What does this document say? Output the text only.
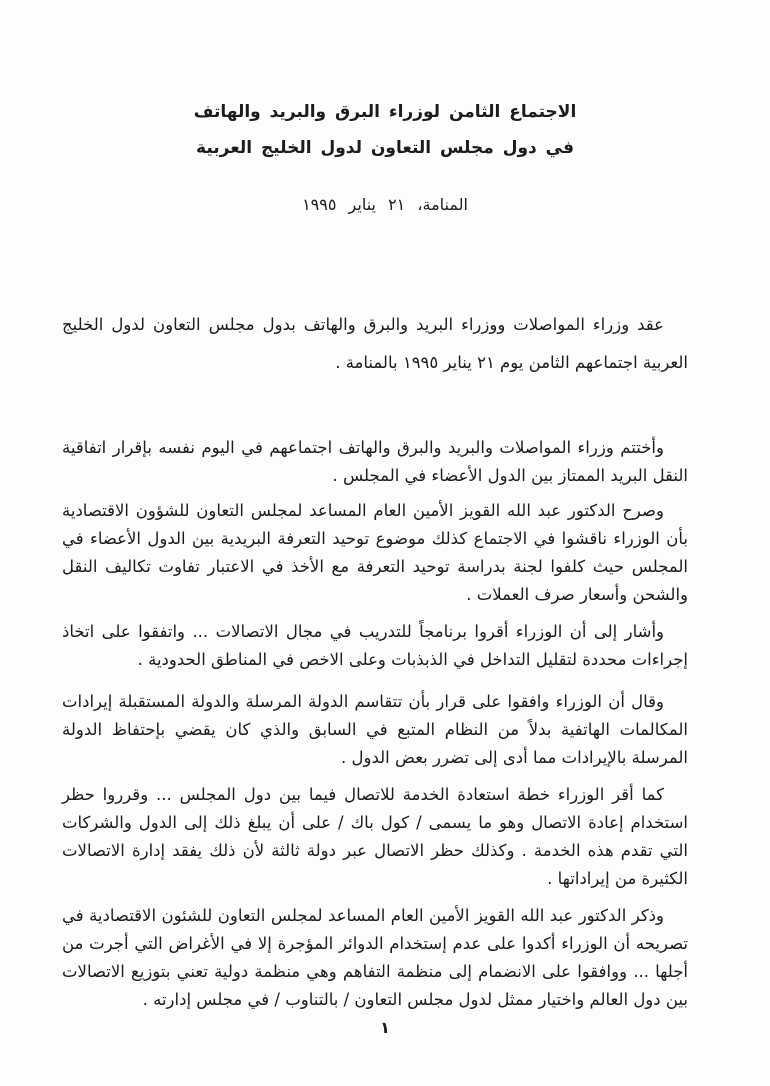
الاجتماع الثامن لوزراء البرق والبريد والهاتف
في دول مجلس التعاون لدول الخليج العربية
المنامة، ٢١ يناير ١٩٩٥

عقد وزراء المواصلات ووزراء البريد والبرق والهاتف بدول مجلس التعاون لدول الخليج العربية اجتماعهم الثامن يوم ٢١ يناير ١٩٩٥ بالمنامة .

وأختتم وزراء المواصلات والبريد والبرق والهاتف اجتماعهم في اليوم نفسه بإقرار اتفاقية النقل البريد الممتاز بين الدول الأعضاء في المجلس .

وصرح الدكتور عبد الله القويز الأمين العام المساعد لمجلس التعاون للشؤون الاقتصادية بأن الوزراء ناقشوا في الاجتماع كذلك موضوع توحيد التعرفة البريدية بين الدول الأعضاء في المجلس حيث كلفوا لجنة بدراسة توحيد التعرفة مع الأخذ في الاعتبار تفاوت تكاليف النقل والشحن وأسعار صرف العملات .

وأشار إلى أن الوزراء أقروا برنامجاً للتدريب في مجال الاتصالات ... واتفقوا على اتخاذ إجراءات محددة لتقليل التداخل في الذبذبات وعلى الاخص في المناطق الحدودية .

وقال أن الوزراء وافقوا على قرار بأن تتقاسم الدولة المرسلة والدولة المستقبلة إيرادات المكالمات الهاتفية بدلاً من النظام المتبع في السابق والذي كان يقضي بإحتفاظ الدولة المرسلة بالإيرادات مما أدى إلى تضرر بعض الدول .

كما أقر الوزراء خطة استعادة الخدمة للاتصال فيما بين دول المجلس ... وقرروا حظر استخدام إعادة الاتصال وهو ما يسمى / كول باك / على أن يبلغ ذلك إلى الدول والشركات التي تقدم هذه الخدمة . وكذلك حظر الاتصال عبر دولة ثالثة لأن ذلك يفقد إدارة الاتصالات الكثيرة من إيراداتها .

وذكر الدكتور عبد الله القويز الأمين العام المساعد لمجلس التعاون للشئون الاقتصادية في تصريحه أن الوزراء أكدوا على عدم إستخدام الدوائر المؤجرة إلا في الأغراض التي أجرت من أجلها ... ووافقوا على الانضمام إلى منظمة التفاهم وهي منظمة دولية تعني بتوزيع الاتصالات بين دول العالم واختيار ممثل لدول مجلس التعاون / بالتناوب / في مجلس إدارته .

١
